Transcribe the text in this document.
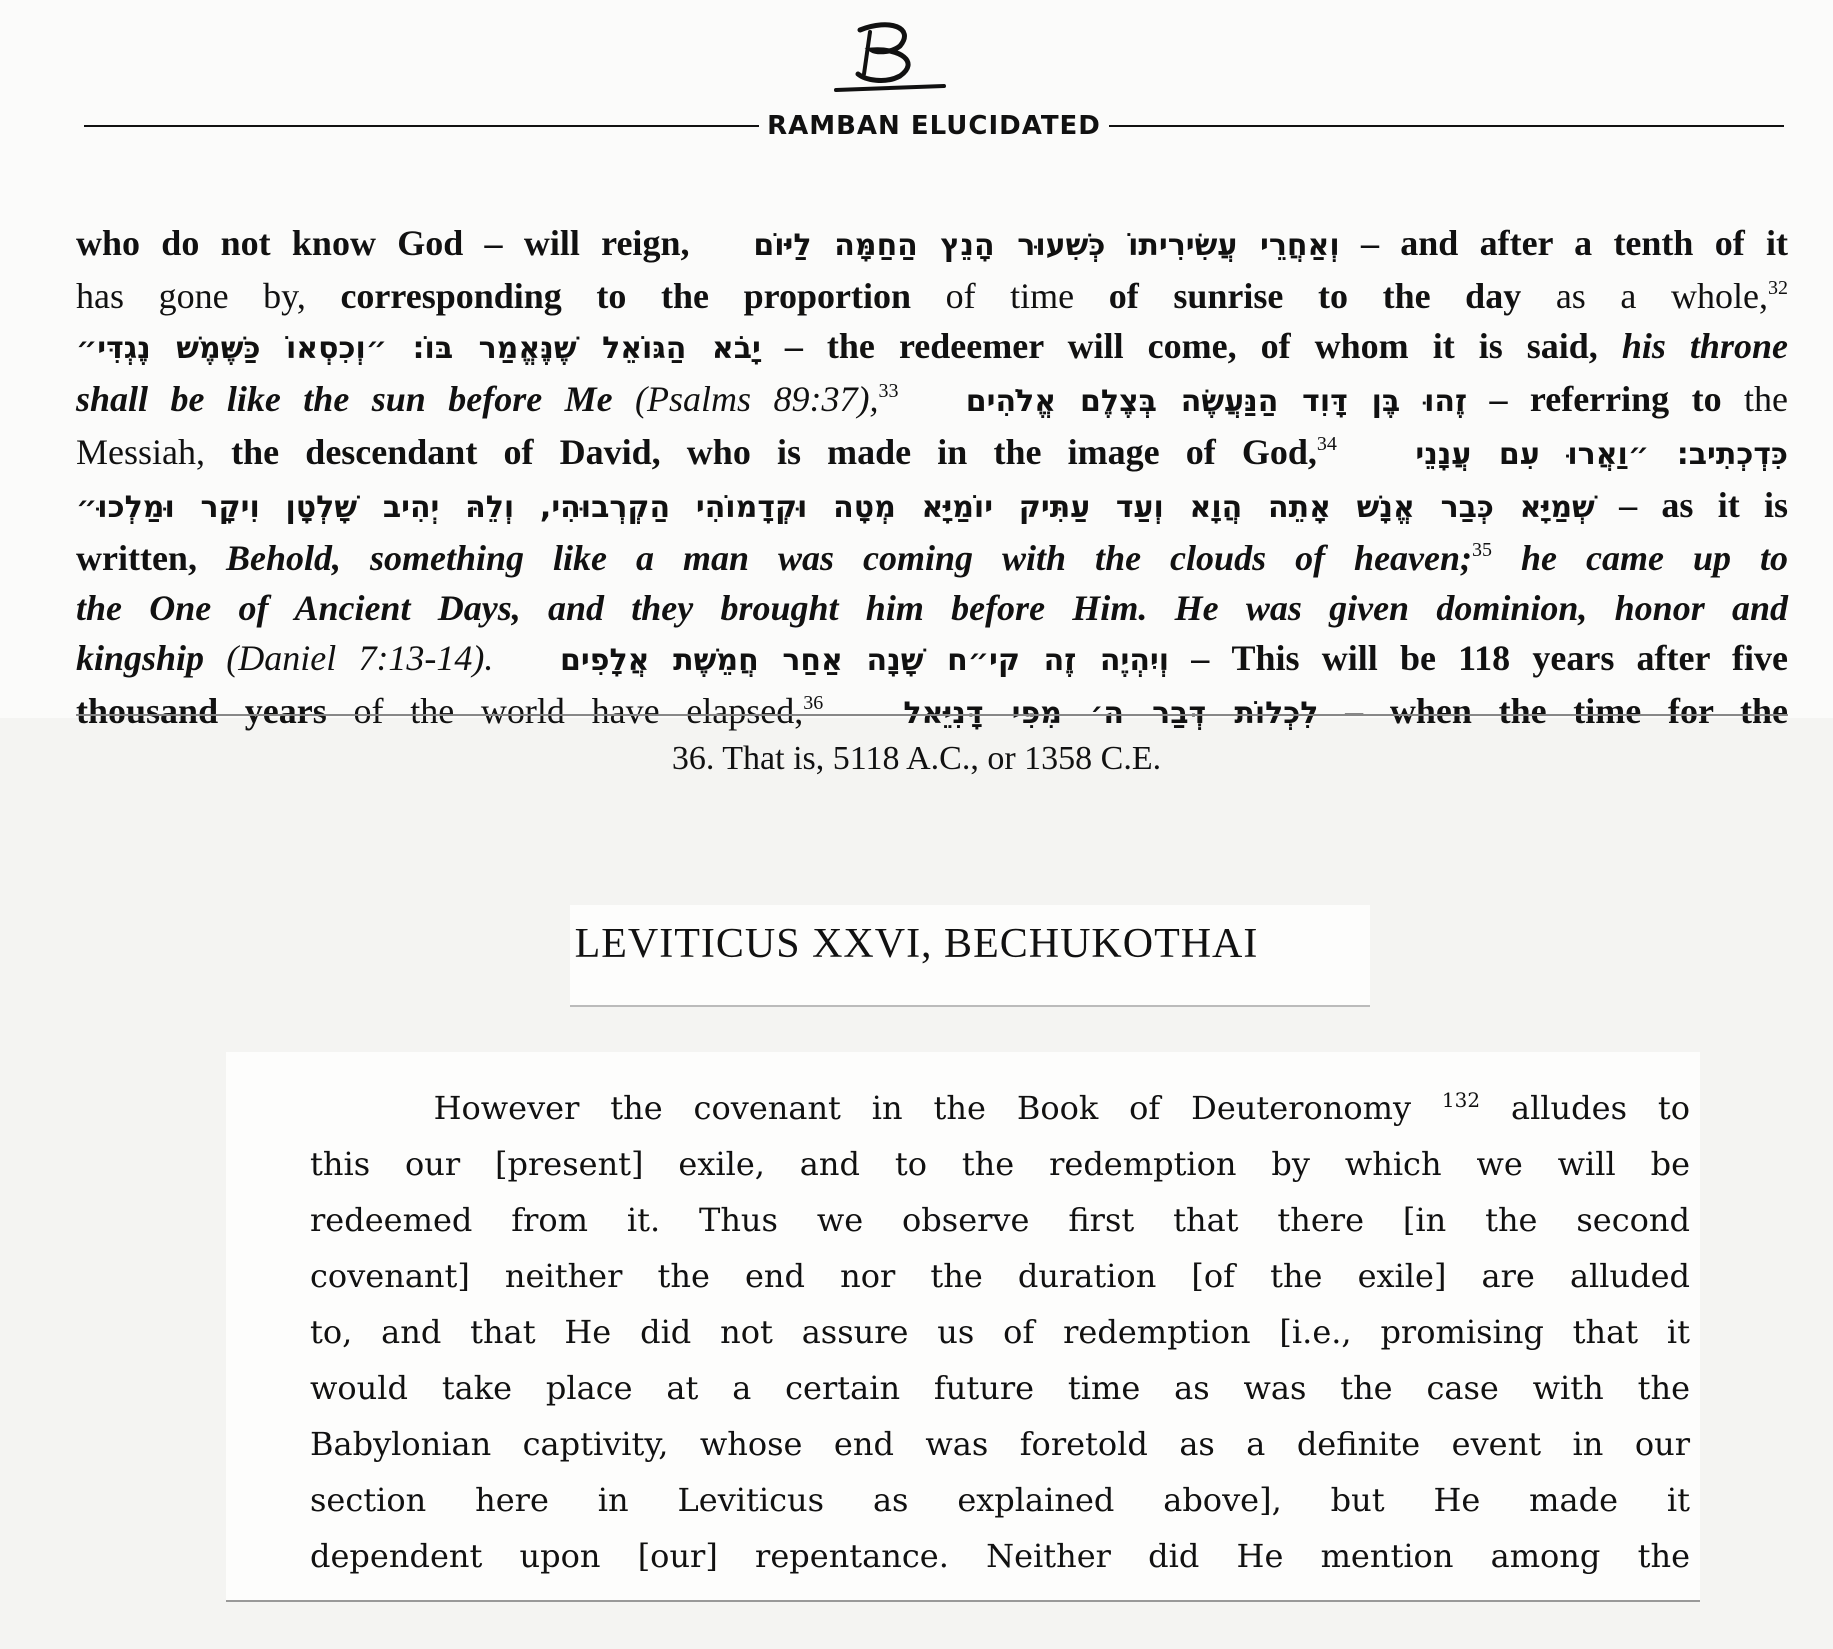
RAMBAN ELUCIDATED
who do not know God – will reign, וְאַחֲרֵי עֲשִׂירִיתוֹ כְּשִׁעוּר הָנֵץ הַחַמָּה לַיּוֹם – and after a tenth of it
has gone by, corresponding to the proportion of time of sunrise to the day as a whole,$^{32}$
יָבֹא הַגּוֹאֵל שֶׁנֶּאֱמַר בּוֹ: ״וְכִסְאוֹ כַּשֶּׁמֶשׁ נֶגְדִּי״ – the redeemer will come, of whom it is said, his throne
shall be like the sun before Me (Psalms 89:37),$^{33}$ זֶהוּ בֶּן דָּוִד הַנַּעֲשֶׂה בְּצֶלֶם אֱלֹהִים – referring to the
Messiah, the descendant of David, who is made in the image of God,$^{34}$	כִּדְכְתִיב: ״וַאֲרוּ עִם עֲנָנֵי
שְׁמַיָּא כְּבַר אֱנָשׁ אָתֵה הֲוָא וְעַד עַתִּיק יוֹמַיָּא מְטָה וּקְדָמוֹהִי הַקְרְבוּהִי, וְלֵהּ יְהִיב שָׁלְטָן וִיקָר וּמַלְכוּ״ – as it is
written, Behold, something like a man was coming with the clouds of heaven;$^{35}$ he came up to
the One of Ancient Days, and they brought him before Him. He was given dominion, honor and
kingship (Daniel 7:13-14). וְיִהְיֶה זֶה קי״ח שָׁנָה אַחַר חֲמֵשֶׁת אֲלָפִים – This will be 118 years after five
thousand years of the world have elapsed,$^{36}$	לִכְלוֹת דְּבַר ה׳ מִפִּי דָּנִיֵּאל – when the time for the
36. That is, 5118 A.C., or 1358 C.E.
LEVITICUS XXVI, BECHUKOTHAI
However the covenant in the Book of Deuteronomy $^{132}$ alludes to
this our [present] exile, and to the redemption by which we will be
redeemed from it. Thus we observe first that there [in the second
covenant] neither the end nor the duration [of the exile] are alluded
to, and that He did not assure us of redemption [i.e., promising that it
would take place at a certain future time as was the case with the
Babylonian captivity, whose end was foretold as a definite event in our
section here in Leviticus as explained above], but He made it
dependent upon [our] repentance. Neither did He mention among the
